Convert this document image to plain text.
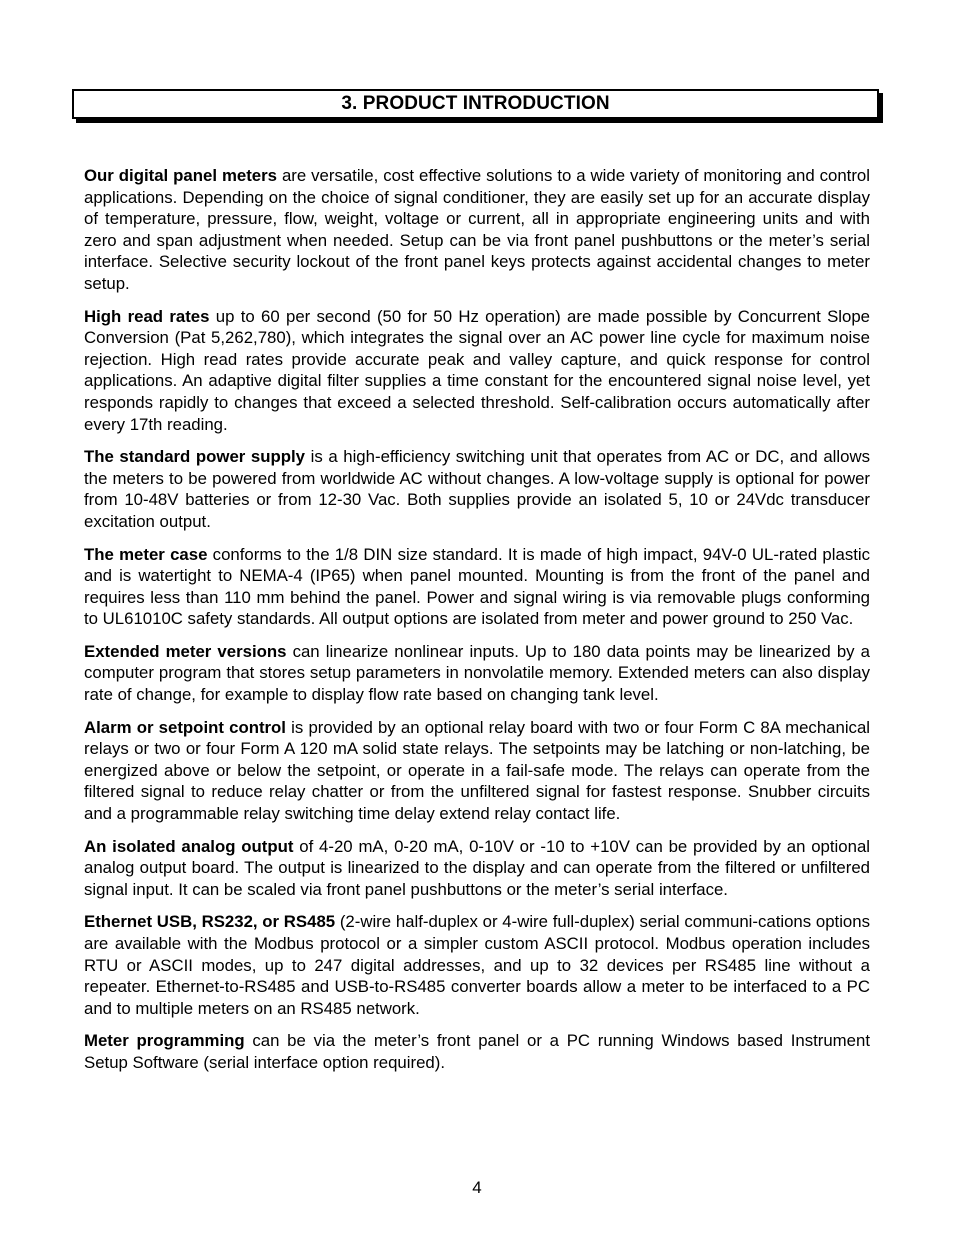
3. PRODUCT INTRODUCTION

Our digital panel meters are versatile, cost effective solutions to a wide variety of monitoring and control applications. Depending on the choice of signal conditioner, they are easily set up for an accurate display of temperature, pressure, flow, weight, voltage or current, all in appropriate engineering units and with zero and span adjustment when needed. Setup can be via front panel pushbuttons or the meter’s serial interface. Selective security lockout of the front panel keys protects against accidental changes to meter setup.

High read rates up to 60 per second (50 for 50 Hz operation) are made possible by Concurrent Slope Conversion (Pat 5,262,780), which integrates the signal over an AC power line cycle for maximum noise rejection. High read rates provide accurate peak and valley capture, and quick response for control applications. An adaptive digital filter supplies a time constant for the encountered signal noise level, yet responds rapidly to changes that exceed a selected threshold. Self-calibration occurs automatically after every 17th reading.

The standard power supply is a high-efficiency switching unit that operates from AC or DC, and allows the meters to be powered from worldwide AC without changes. A low-voltage supply is optional for power from 10-48V batteries or from 12-30 Vac. Both supplies provide an isolated 5, 10 or 24Vdc transducer excitation output.

The meter case conforms to the 1/8 DIN size standard. It is made of high impact, 94V-0 UL-rated plastic and is watertight to NEMA-4 (IP65) when panel mounted. Mounting is from the front of the panel and requires less than 110 mm behind the panel. Power and signal wiring is via removable plugs conforming to UL61010C safety standards. All output options are isolated from meter and power ground to 250 Vac.

Extended meter versions can linearize nonlinear inputs. Up to 180 data points may be linearized by a computer program that stores setup parameters in nonvolatile memory. Extended meters can also display rate of change, for example to display flow rate based on changing tank level.

Alarm or setpoint control is provided by an optional relay board with two or four Form C 8A mechanical relays or two or four Form A 120 mA solid state relays. The setpoints may be latching or non-latching, be energized above or below the setpoint, or operate in a fail-safe mode. The relays can operate from the filtered signal to reduce relay chatter or from the unfiltered signal for fastest response. Snubber circuits and a programmable relay switching time delay extend relay contact life.

An isolated analog output of 4-20 mA, 0-20 mA, 0-10V or -10 to +10V can be provided by an optional analog output board. The output is linearized to the display and can operate from the filtered or unfiltered signal input. It can be scaled via front panel pushbuttons or the meter’s serial interface.

Ethernet USB, RS232, or RS485 (2-wire half-duplex or 4-wire full-duplex) serial communi-cations options are available with the Modbus protocol or a simpler custom ASCII protocol. Modbus operation includes RTU or ASCII modes, up to 247 digital addresses, and up to 32 devices per RS485 line without a repeater. Ethernet-to-RS485 and USB-to-RS485 converter boards allow a meter to be interfaced to a PC and to multiple meters on an RS485 network.

Meter programming can be via the meter’s front panel or a PC running Windows based Instrument Setup Software (serial interface option required).

4
